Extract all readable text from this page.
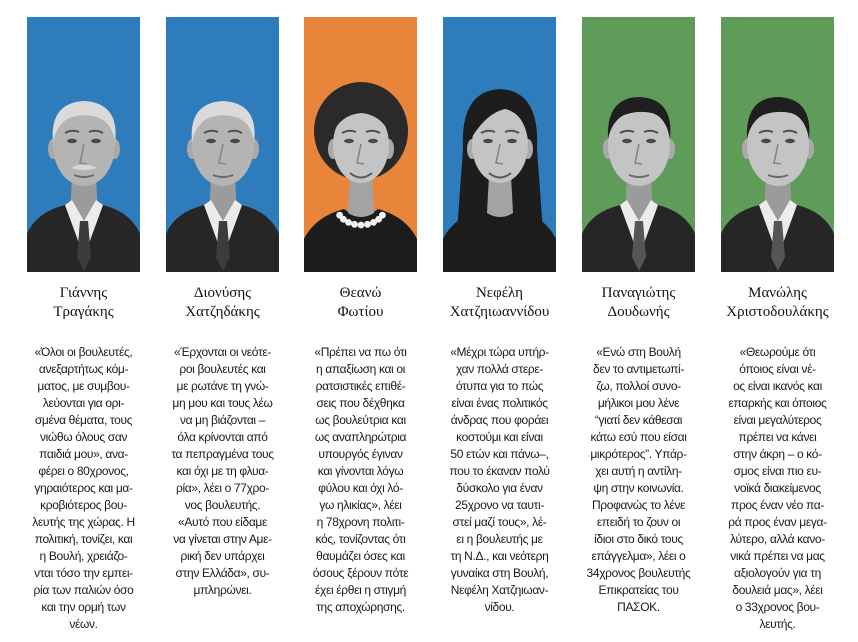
Γιάννης
Τραγάκης

«Όλοι οι βουλευτές,
ανεξαρτήτως κόμ-
ματος, με συμβου-
λεύονται για ορι-
σμένα θέματα, τους
νιώθω όλους σαν
παιδιά μου», ανα-
φέρει ο 80χρονος,
γηραιότερος και μα-
κροβιότερος βου-
λευτής της χώρας. Η
πολιτική, τονίζει, και
η Βουλή, χρειάζο-
νται τόσο την εμπει-
ρία των παλιών όσο
και την ορμή των
νέων.

Διονύσης
Χατζηδάκης

«Έρχονται οι νεότε-
ροι βουλευτές και
με ρωτάνε τη γνώ-
μη μου και τους λέω
να μη βιάζονται –
όλα κρίνονται από
τα πεπραγμένα τους
και όχι με τη φλυα-
ρία», λέει ο 77χρο-
νος βουλευτής.
«Αυτό που είδαμε
να γίνεται στην Αμε-
ρική δεν υπάρχει
στην Ελλάδα», συ-
μπληρώνει.

Θεανώ
Φωτίου

«Πρέπει να πω ότι
η απαξίωση και οι
ρατσιστικές επιθέ-
σεις που δέχθηκα
ως βουλεύτρια και
ως αναπληρώτρια
υπουργός έγιναν
και γίνονται λόγω
φύλου και όχι λό-
γω ηλικίας», λέει
η 78χρονη πολιτι-
κός, τονίζοντας ότι
θαυμάζει όσες και
όσους ξέρουν πότε
έχει έρθει η στιγμή
της αποχώρησης.

Νεφέλη
Χατζηιωαννίδου

«Μέχρι τώρα υπήρ-
χαν πολλά στερε-
ότυπα για το πώς
είναι ένας πολιτικός
άνδρας που φοράει
κοστούμι και είναι
50 ετών και πάνω–,
που το έκαναν πολύ
δύσκολο για έναν
25χρονο να ταυτι-
στεί μαζί τους», λέ-
ει η βουλευτής με
τη Ν.Δ., και νεότερη
γυναίκα στη Βουλή,
Νεφέλη Χατζηιωαν-
νίδου.

Παναγιώτης
Δουδωνής

«Ενώ στη Βουλή
δεν το αντιμετωπί-
ζω, πολλοί συνο-
μήλικοι μου λένε
“γιατί δεν κάθεσαι
κάτω εσύ που είσαι
μικρότερος”. Υπάρ-
χει αυτή η αντίλη-
ψη στην κοινωνία.
Προφανώς το λένε
επειδή το ζουν οι
ίδιοι στο δικό τους
επάγγελμα», λέει ο
34χρονος βουλευτής
Επικρατείας του
ΠΑΣΟΚ.

Μανώλης
Χριστοδουλάκης

«Θεωρούμε ότι
όποιος είναι νέ-
ος είναι ικανός και
επαρκής και όποιος
είναι μεγαλύτερος
πρέπει να κάνει
στην άκρη – ο κό-
σμος είναι πιο ευ-
νοϊκά διακείμενος
προς έναν νέο πα-
ρά προς έναν μεγα-
λύτερο, αλλά κανο-
νικά πρέπει να μας
αξιολογούν για τη
δουλειά μας», λέει
ο 33χρονος βου-
λευτής.
